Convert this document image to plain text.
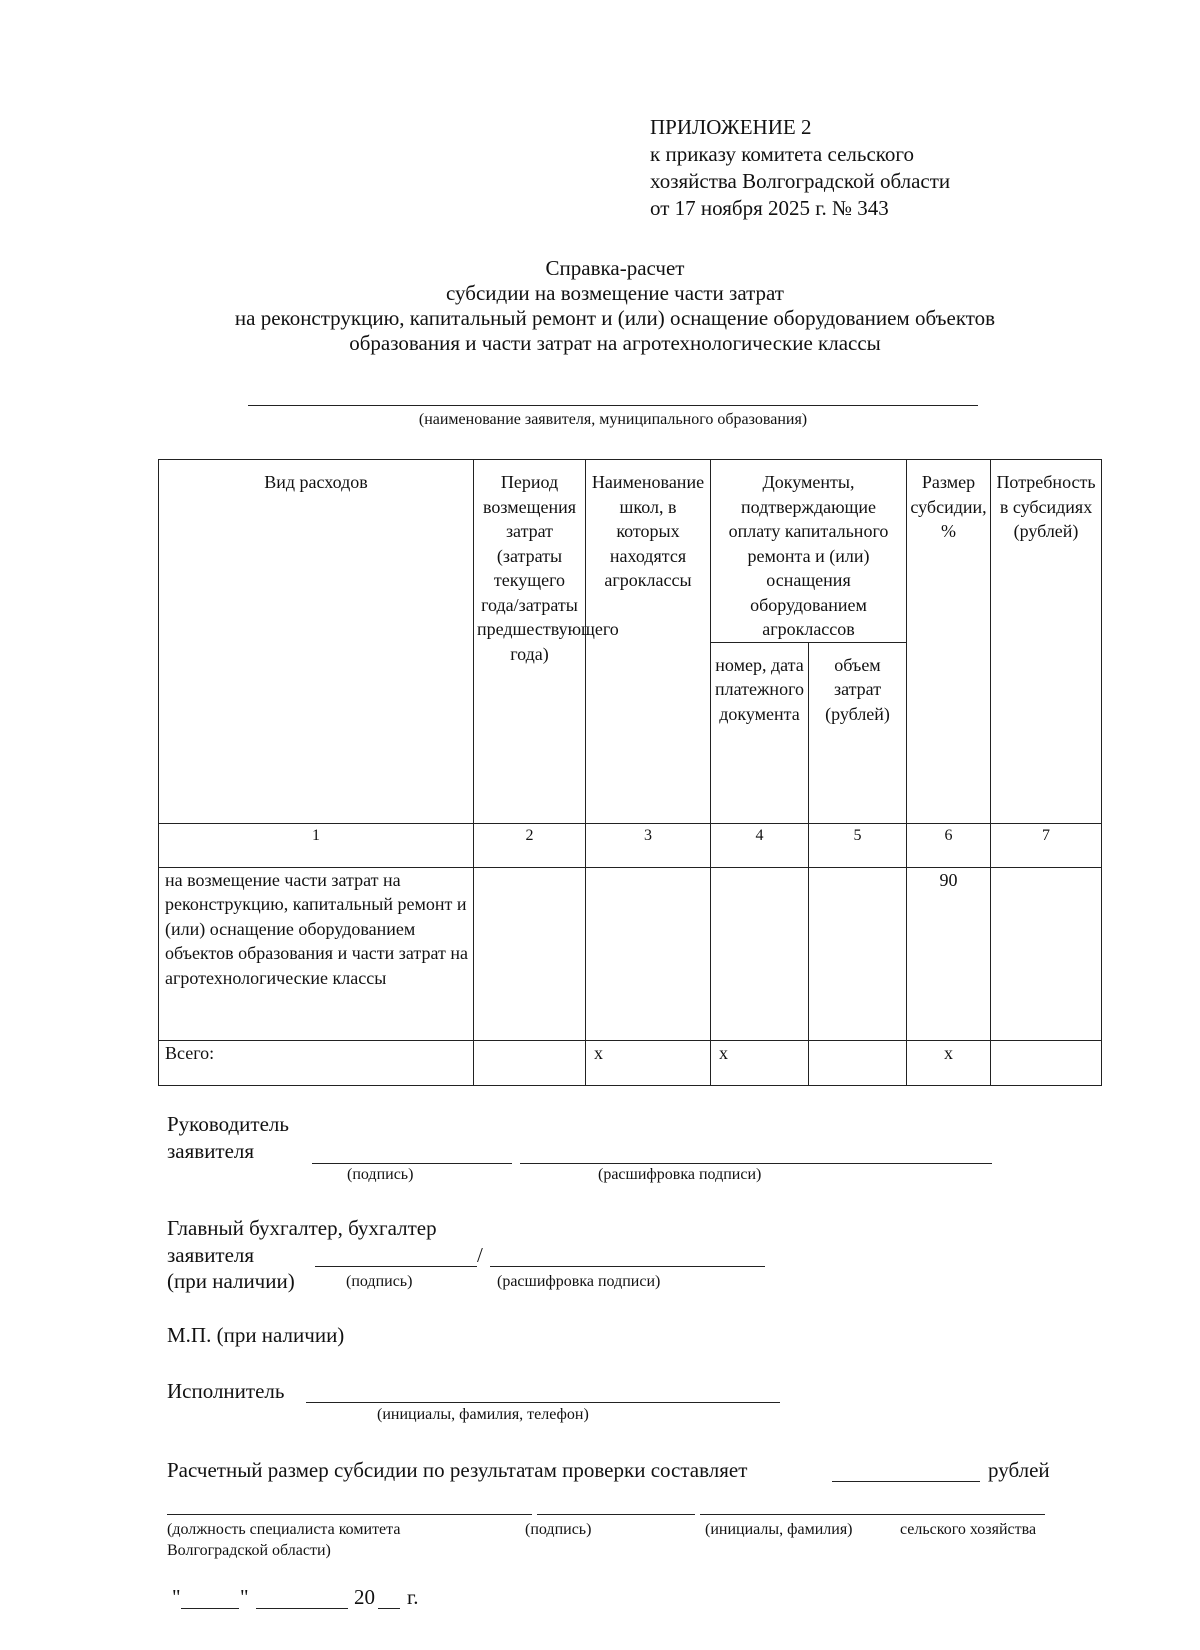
ПРИЛОЖЕНИЕ 2
к приказу комитета сельского
хозяйства Волгоградской области
от 17 ноября 2025 г. № 343
Справка-расчет
субсидии на возмещение части затрат
на реконструкцию, капитальный ремонт и (или) оснащение оборудованием объектов
образования и части затрат на агротехнологические классы
(наименование заявителя, муниципального образования)
Вид расходов	Период возмещения затрат (затраты текущего года/затраты предшествующего года)	Наименование школ, в которых находятся агроклассы	Документы, подтверждающие оплату капитального ремонта и (или) оснащения оборудованием агроклассов		Размер субсидии, %	Потребность в субсидиях (рублей)
			номер, дата платежного документа	объем затрат (рублей)		
1	2	3	4	5	6	7
на возмещение части затрат на реконструкцию, капитальный ремонт и (или) оснащение оборудованием объектов образования и части затрат на агротехнологические классы					90	
Всего:		х	х		х	
Руководитель
заявителя
(подпись)	(расшифровка подписи)
Главный бухгалтер, бухгалтер
заявителя
(при наличии)
/
(подпись)	(расшифровка подписи)
М.П. (при наличии)
Исполнитель
(инициалы, фамилия, телефон)
Расчетный размер субсидии по результатам проверки составляет	рублей
(должность специалиста комитета
Волгоградской области)
(подпись)	(инициалы, фамилия)	сельского хозяйства
"	"	20 г.
